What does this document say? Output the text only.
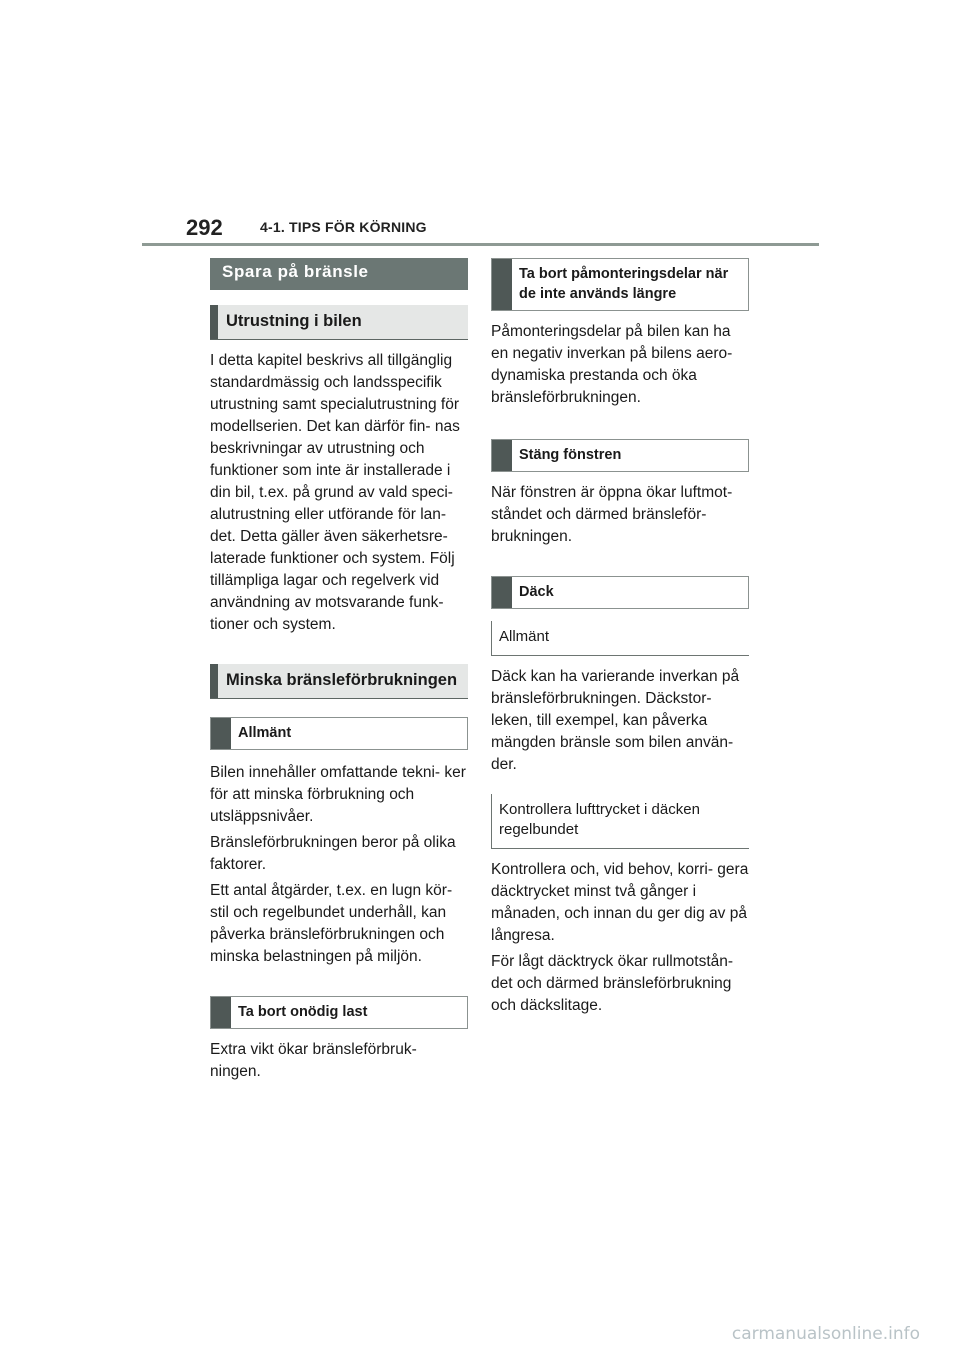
292	4-1. TIPS FÖR KÖRNING
Spara på bränsle
Utrustning i bilen

I detta kapitel beskrivs all tillgänglig standardmässig och landsspecifik utrustning samt specialutrustning för modellserien. Det kan därför fin- nas beskrivningar av utrustning och funktioner som inte är installerade i din bil, t.ex. på grund av vald speci- alutrustning eller utförande för lan- det. Detta gäller även säkerhetsre- laterade funktioner och system. Följ tillämpliga lagar och regelverk vid användning av motsvarande funk- tioner och system.

Minska bränsleförbrukningen
Allmänt

Bilen innehåller omfattande tekni- ker för att minska förbrukning och utsläppsnivåer.

Bränsleförbrukningen beror på olika faktorer.

Ett antal åtgärder, t.ex. en lugn kör- stil och regelbundet underhåll, kan påverka bränsleförbrukningen och minska belastningen på miljön.

Ta bort onödig last

Extra vikt ökar bränsleförbruk- ningen.

Ta bort påmonteringsdelar när de inte används längre

Påmonteringsdelar på bilen kan ha en negativ inverkan på bilens aero- dynamiska prestanda och öka bränsleförbrukningen.

Stäng fönstren

När fönstren är öppna ökar luftmot- ståndet och därmed bränsleför- brukningen.

Däck
Allmänt

Däck kan ha varierande inverkan på bränsleförbrukningen. Däckstor- leken, till exempel, kan påverka mängden bränsle som bilen använ- der.

Kontrollera lufttrycket i däcken regelbundet

Kontrollera och, vid behov, korri- gera däcktrycket minst två gånger i månaden, och innan du ger dig av på långresa.

För lågt däcktryck ökar rullmotstån- det och därmed bränsleförbrukning och däckslitage.

carmanualsonline.info
